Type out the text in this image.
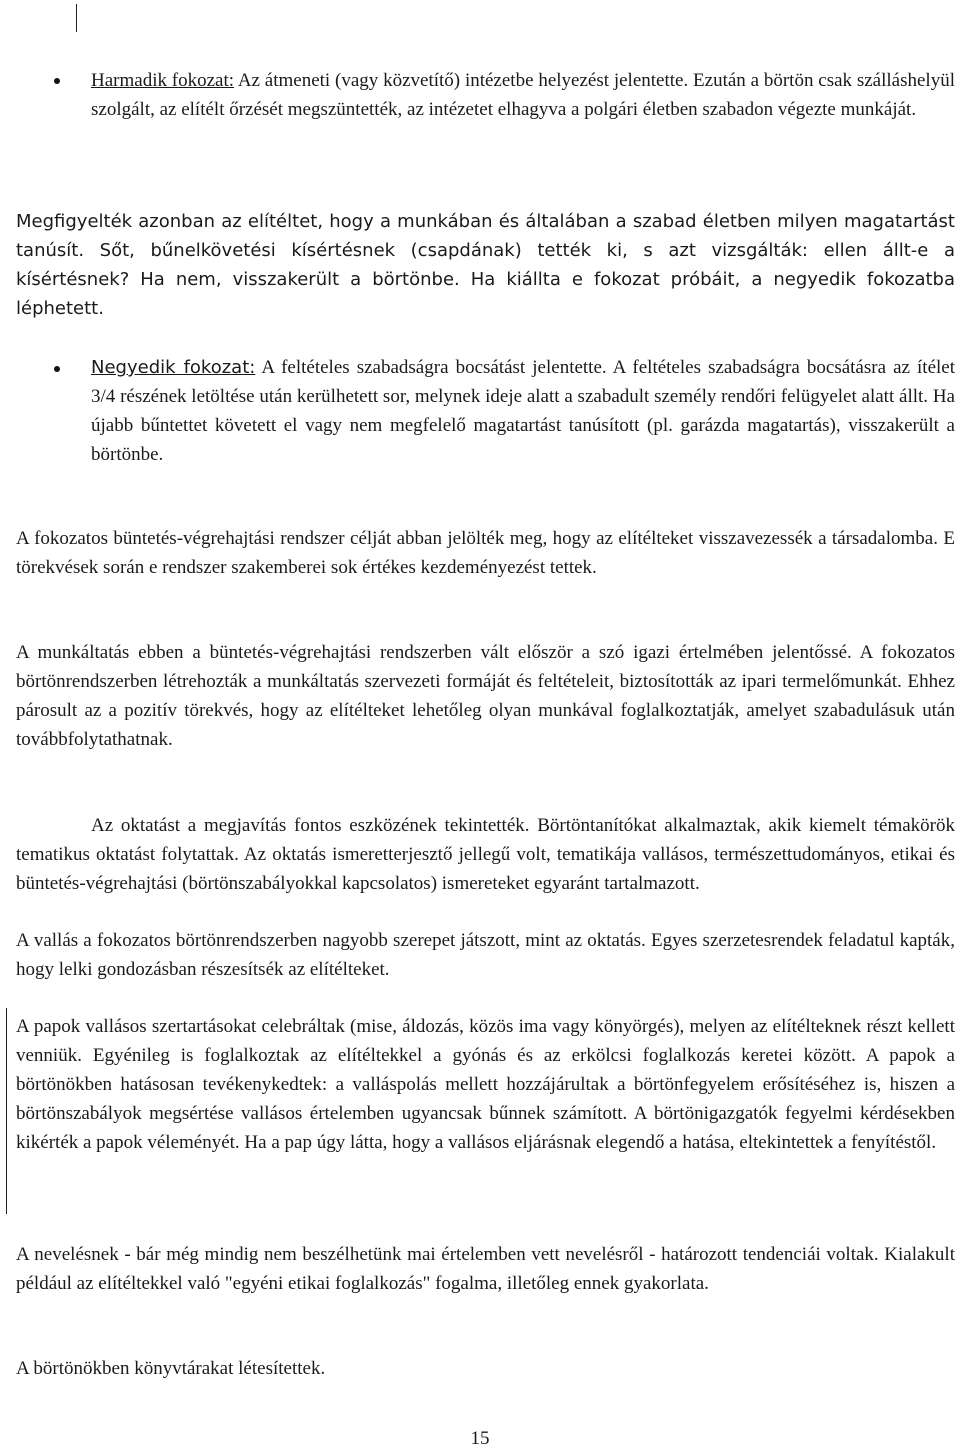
Harmadik fokozat: Az átmeneti (vagy közvetítő) intézetbe helyezést jelentette. Ezután a börtön csak szálláshelyül szolgált, az elítélt őrzését megszüntették, az intézetet elhagyva a polgári életben szabadon végezte munkáját.

Megfigyelték azonban az elítéltet, hogy a munkában és általában a szabad életben milyen magatartást tanúsít. Sőt, bűnelkövetési kísértésnek (csapdának) tették ki, s azt vizsgálták: ellen állt-e a kísértésnek? Ha nem, visszakerült a börtönbe. Ha kiállta e fokozat próbáit, a negyedik fokozatba léphetett.

Negyedik fokozat: A feltételes szabadságra bocsátást jelentette. A feltételes szabadságra bocsátásra az ítélet 3/4 részének letöltése után kerülhetett sor, melynek ideje alatt a szabadult személy rendőri felügyelet alatt állt. Ha újabb bűntettet követett el vagy nem megfelelő magatartást tanúsított (pl. garázda magatartás), visszakerült a börtönbe.

A fokozatos büntetés-végrehajtási rendszer célját abban jelölték meg, hogy az elítélteket visszavezessék a társadalomba. E törekvések során e rendszer szakemberei sok értékes kezdeményezést tettek.

A munkáltatás ebben a büntetés-végrehajtási rendszerben vált először a szó igazi értelmében jelentőssé. A fokozatos börtönrendszerben létrehozták a munkáltatás szervezeti formáját és feltételeit, biztosították az ipari termelőmunkát. Ehhez párosult az a pozitív törekvés, hogy az elítélteket lehetőleg olyan munkával foglalkoztatják, amelyet szabadulásuk után továbbfolytathatnak.

Az oktatást a megjavítás fontos eszközének tekintették. Börtöntanítókat alkalmaztak, akik kiemelt témakörök tematikus oktatást folytattak. Az oktatás ismeretterjesztő jellegű volt, tematikája vallásos, természettudományos, etikai és büntetés-végrehajtási (börtönszabályokkal kapcsolatos) ismereteket egyaránt tartalmazott.

A vallás a fokozatos börtönrendszerben nagyobb szerepet játszott, mint az oktatás. Egyes szerzetesrendek feladatul kapták, hogy lelki gondozásban részesítsék az elítélteket.

A papok vallásos szertartásokat celebráltak (mise, áldozás, közös ima vagy könyörgés), melyen az elítélteknek részt kellett venniük. Egyénileg is foglalkoztak az elítéltekkel a gyónás és az erkölcsi foglalkozás keretei között. A papok a börtönökben hatásosan tevékenykedtek: a valláspolás mellett hozzájárultak a börtönfegyelem erősítéséhez is, hiszen a börtönszabályok megsértése vallásos értelemben ugyancsak bűnnek számított. A börtönigazgatók fegyelmi kérdésekben kikérték a papok véleményét. Ha a pap úgy látta, hogy a vallásos eljárásnak elegendő a hatása, eltekintettek a fenyítéstől.

A nevelésnek - bár még mindig nem beszélhetünk mai értelemben vett nevelésről - határozott tendenciái voltak. Kialakult például az elítéltekkel való "egyéni etikai foglalkozás" fogalma, illetőleg ennek gyakorlata.

A börtönökben könyvtárakat létesítettek.

15
